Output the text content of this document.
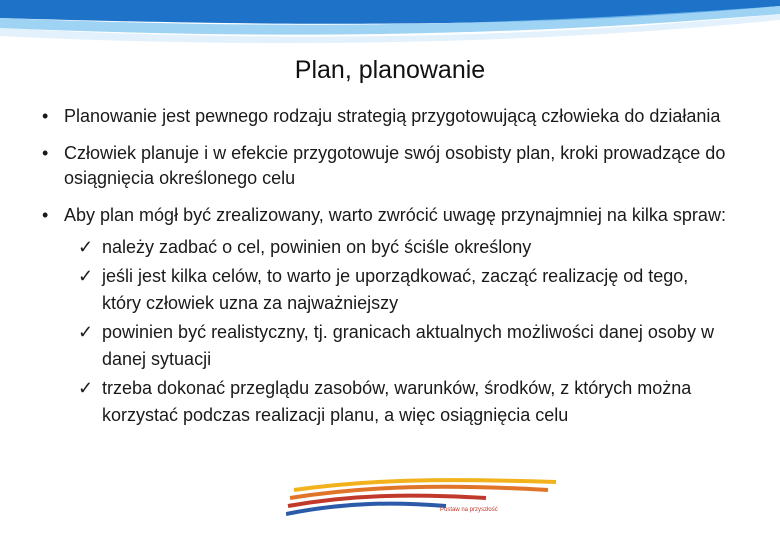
Plan, planowanie
• Planowanie jest pewnego rodzaju strategią przygotowującą człowieka do działania
• Człowiek planuje i w efekcie przygotowuje swój osobisty plan, kroki prowadzące do osiągnięcia określonego celu
• Aby plan mógł być zrealizowany, warto zwrócić uwagę przynajmniej na kilka spraw:
✓ należy zadbać o cel, powinien on być ściśle określony
✓ jeśli jest kilka celów, to warto je uporządkować, zacząć realizację od tego, który człowiek uzna za najważniejszy
✓ powinien być realistyczny, tj. granicach aktualnych możliwości danej osoby w danej sytuacji
✓ trzeba dokonać przeglądu zasobów, warunków, środków, z których można korzystać podczas realizacji planu, a więc osiągnięcia celu
Postaw na przyszłość
